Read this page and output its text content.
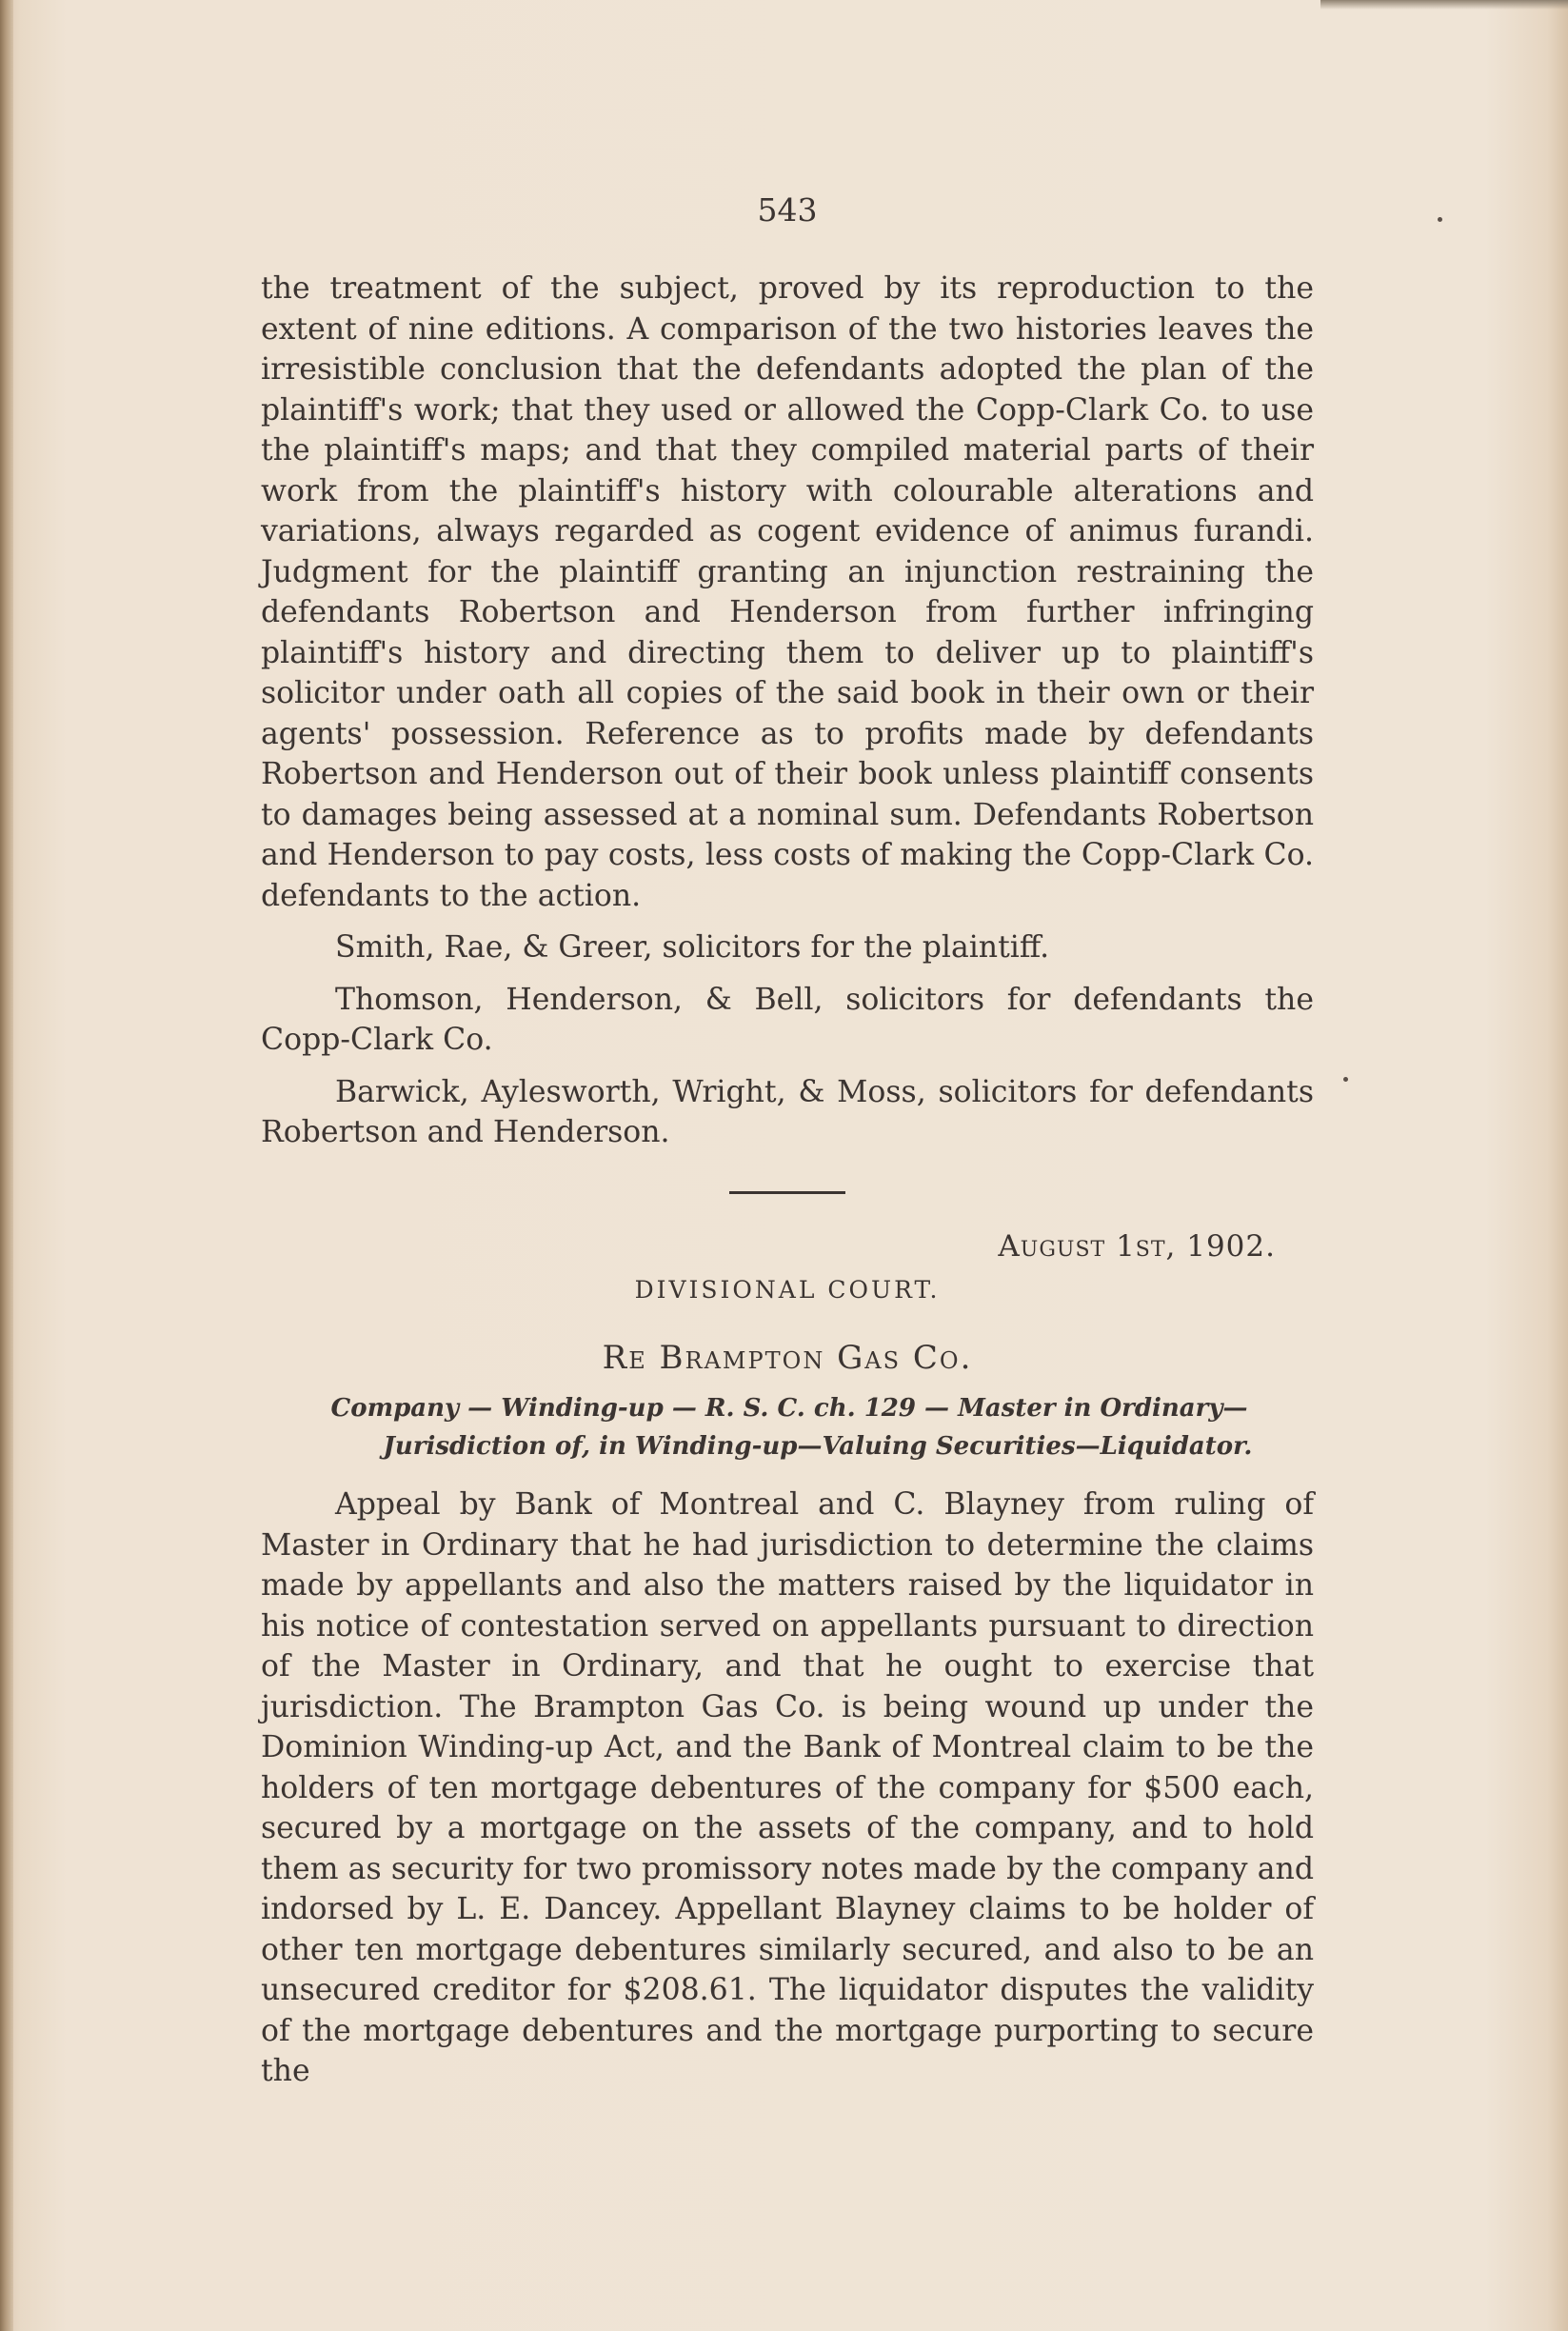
543

the treatment of the subject, proved by its reproduction to the extent of nine editions. A comparison of the two histories leaves the irresistible conclusion that the defendants adopted the plan of the plaintiff's work; that they used or allowed the Copp-Clark Co. to use the plaintiff's maps; and that they compiled material parts of their work from the plaintiff's history with colourable alterations and variations, always regarded as cogent evidence of animus furandi. Judgment for the plaintiff granting an injunction restraining the defendants Robertson and Henderson from further infringing plaintiff's history and directing them to deliver up to plaintiff's solicitor under oath all copies of the said book in their own or their agents' possession. Reference as to profits made by defendants Robertson and Henderson out of their book unless plaintiff consents to damages being assessed at a nominal sum. Defendants Robertson and Henderson to pay costs, less costs of making the Copp-Clark Co. defendants to the action.

Smith, Rae, & Greer, solicitors for the plaintiff.

Thomson, Henderson, & Bell, solicitors for defendants the Copp-Clark Co.

Barwick, Aylesworth, Wright, & Moss, solicitors for defendants Robertson and Henderson.

August 1st, 1902.

DIVISIONAL COURT.

Re Brampton Gas Co.

Company — Winding-up — R. S. C. ch. 129 — Master in Ordinary—
Jurisdiction of, in Winding-up—Valuing Securities—Liquidator.

Appeal by Bank of Montreal and C. Blayney from ruling of Master in Ordinary that he had jurisdiction to determine the claims made by appellants and also the matters raised by the liquidator in his notice of contestation served on appellants pursuant to direction of the Master in Ordinary, and that he ought to exercise that jurisdiction. The Brampton Gas Co. is being wound up under the Dominion Winding-up Act, and the Bank of Montreal claim to be the holders of ten mortgage debentures of the company for $500 each, secured by a mortgage on the assets of the company, and to hold them as security for two promissory notes made by the company and indorsed by L. E. Dancey. Appellant Blayney claims to be holder of other ten mortgage debentures similarly secured, and also to be an unsecured creditor for $208.61. The liquidator disputes the validity of the mortgage debentures and the mortgage purporting to secure the
